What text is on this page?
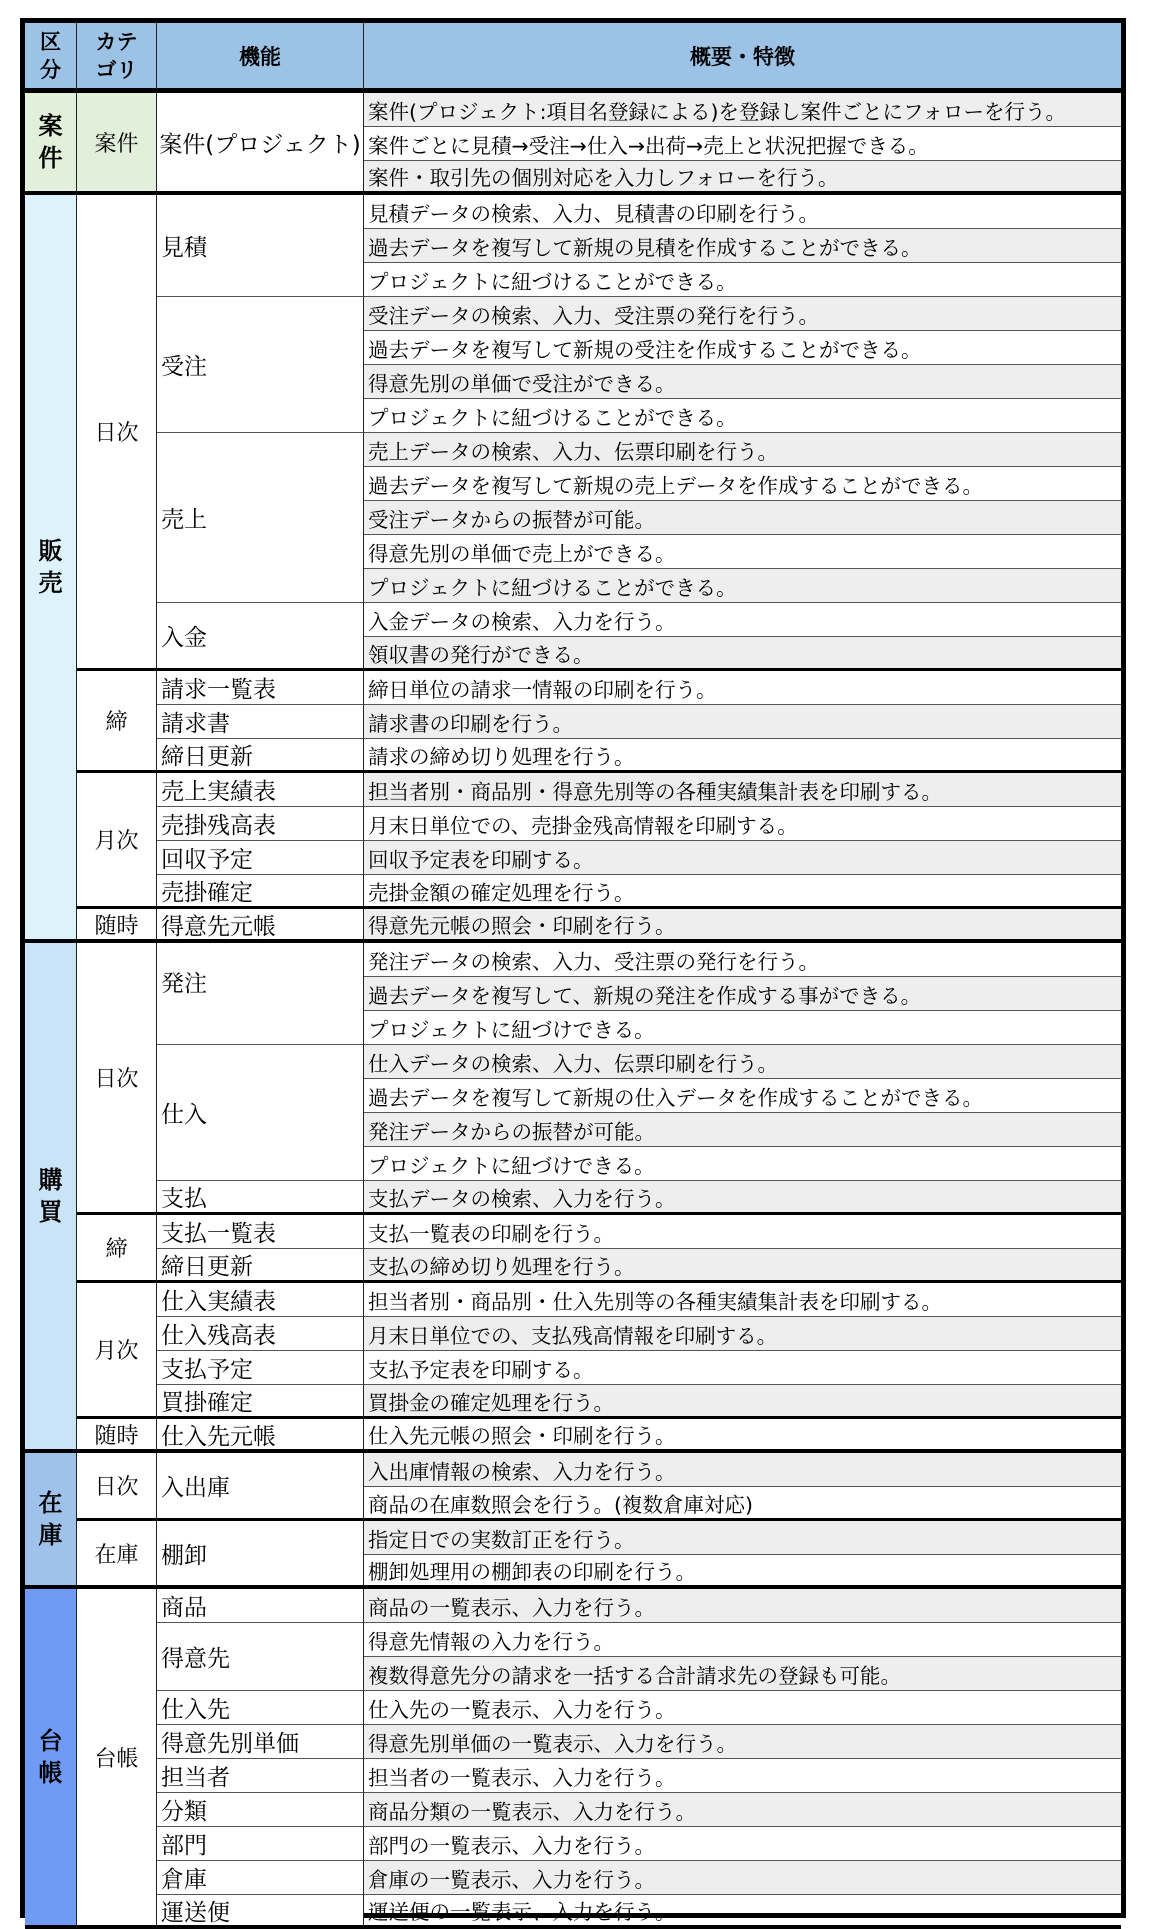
区
分
カテ
ゴリ
機能	概要・特徴
案
件
販
売
購
買
在
庫
台
帳
案件
日次
締
月次
随時
日次
締
月次
随時
日次
在庫
台帳
案件(プロジェクト)
見積
受注
売上
入金
請求一覧表
請求書
締日更新
売上実績表
売掛残高表
回収予定
売掛確定
得意先元帳
発注
仕入
支払
支払一覧表
締日更新
仕入実績表
仕入残高表
支払予定
買掛確定
仕入先元帳
入出庫
棚卸
商品
得意先
仕入先
得意先別単価
担当者
分類
部門
倉庫
運送便
案件(プロジェクト:項目名登録による)を登録し案件ごとにフォローを行う。
案件ごとに見積→受注→仕入→出荷→売上と状況把握できる。
案件・取引先の個別対応を入力しフォローを行う。
見積データの検索、入力、見積書の印刷を行う。
過去データを複写して新規の見積を作成することができる。
プロジェクトに紐づけることができる。
受注データの検索、入力、受注票の発行を行う。
過去データを複写して新規の受注を作成することができる。
得意先別の単価で受注ができる。
プロジェクトに紐づけることができる。
売上データの検索、入力、伝票印刷を行う。
過去データを複写して新規の売上データを作成することができる。
受注データからの振替が可能。
得意先別の単価で売上ができる。
プロジェクトに紐づけることができる。
入金データの検索、入力を行う。
領収書の発行ができる。
締日単位の請求一情報の印刷を行う。
請求書の印刷を行う。
請求の締め切り処理を行う。
担当者別・商品別・得意先別等の各種実績集計表を印刷する。
月末日単位での、売掛金残高情報を印刷する。
回収予定表を印刷する。
売掛金額の確定処理を行う。
得意先元帳の照会・印刷を行う。
発注データの検索、入力、受注票の発行を行う。
過去データを複写して、新規の発注を作成する事ができる。
プロジェクトに紐づけできる。
仕入データの検索、入力、伝票印刷を行う。
過去データを複写して新規の仕入データを作成することができる。
発注データからの振替が可能。
プロジェクトに紐づけできる。
支払データの検索、入力を行う。
支払一覧表の印刷を行う。
支払の締め切り処理を行う。
担当者別・商品別・仕入先別等の各種実績集計表を印刷する。
月末日単位での、支払残高情報を印刷する。
支払予定表を印刷する。
買掛金の確定処理を行う。
仕入先元帳の照会・印刷を行う。
入出庫情報の検索、入力を行う。
商品の在庫数照会を行う。(複数倉庫対応)
指定日での実数訂正を行う。
棚卸処理用の棚卸表の印刷を行う。
商品の一覧表示、入力を行う。
得意先情報の入力を行う。
複数得意先分の請求を一括する合計請求先の登録も可能。
仕入先の一覧表示、入力を行う。
得意先別単価の一覧表示、入力を行う。
担当者の一覧表示、入力を行う。
商品分類の一覧表示、入力を行う。
部門の一覧表示、入力を行う。
倉庫の一覧表示、入力を行う。
運送便の一覧表示、入力を行う。
